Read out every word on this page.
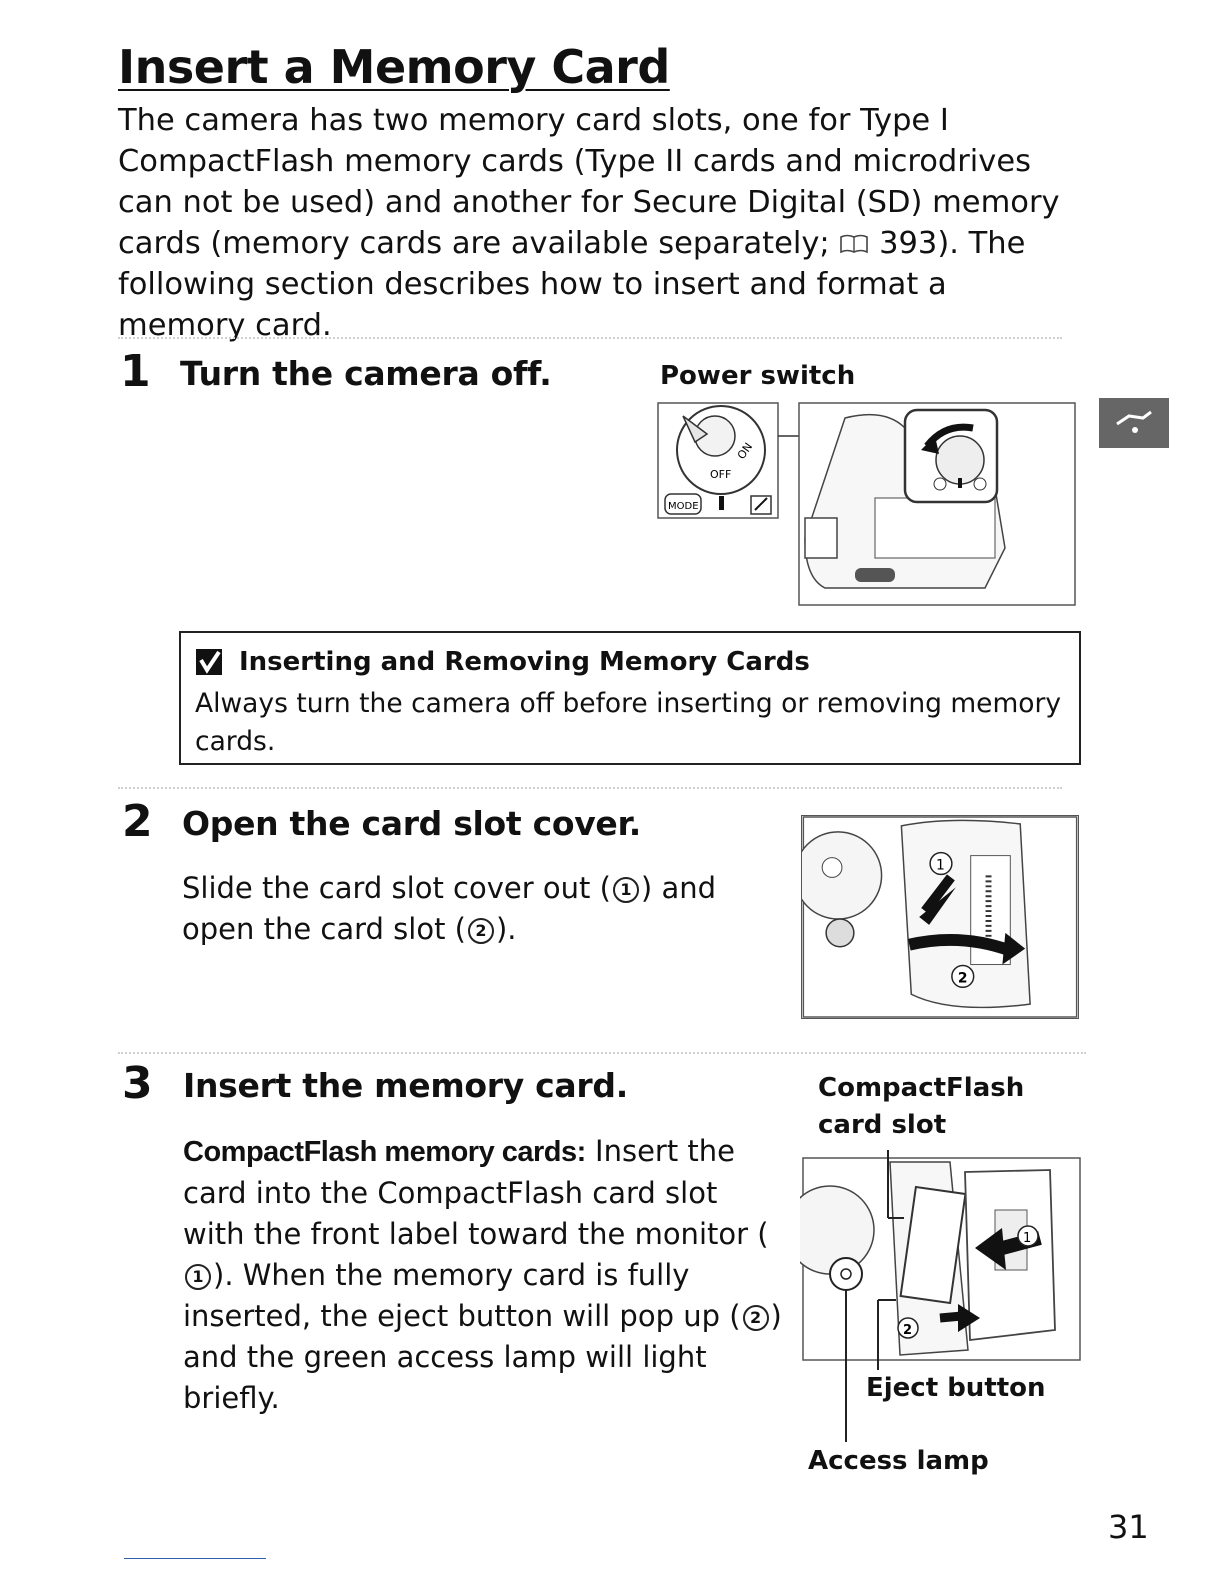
Insert a Memory Card

The camera has two memory card slots, one for Type I CompactFlash memory cards (Type II cards and microdrives can not be used) and another for Secure Digital (SD) memory cards (memory cards are available separately;  393). The following section describes how to insert and format a memory card.

1 Turn the camera off.	Power switch
OFF
ON
MODE
Inserting and Removing Memory Cards
Always turn the camera off before inserting or removing memory cards.
2 Open the card slot cover.
Slide the card slot cover out ( 1 ) and open the card slot ( 2 ).
1
2
3 Insert the memory card.
CompactFlash memory cards: Insert the card into the CompactFlash card slot with the front label toward the monitor (1 ). When the memory card is fully inserted, the eject button will pop up ( 2 ) and the green access lamp will light briefly.
CompactFlash card slot
1
2
Eject button
Access lamp
31
